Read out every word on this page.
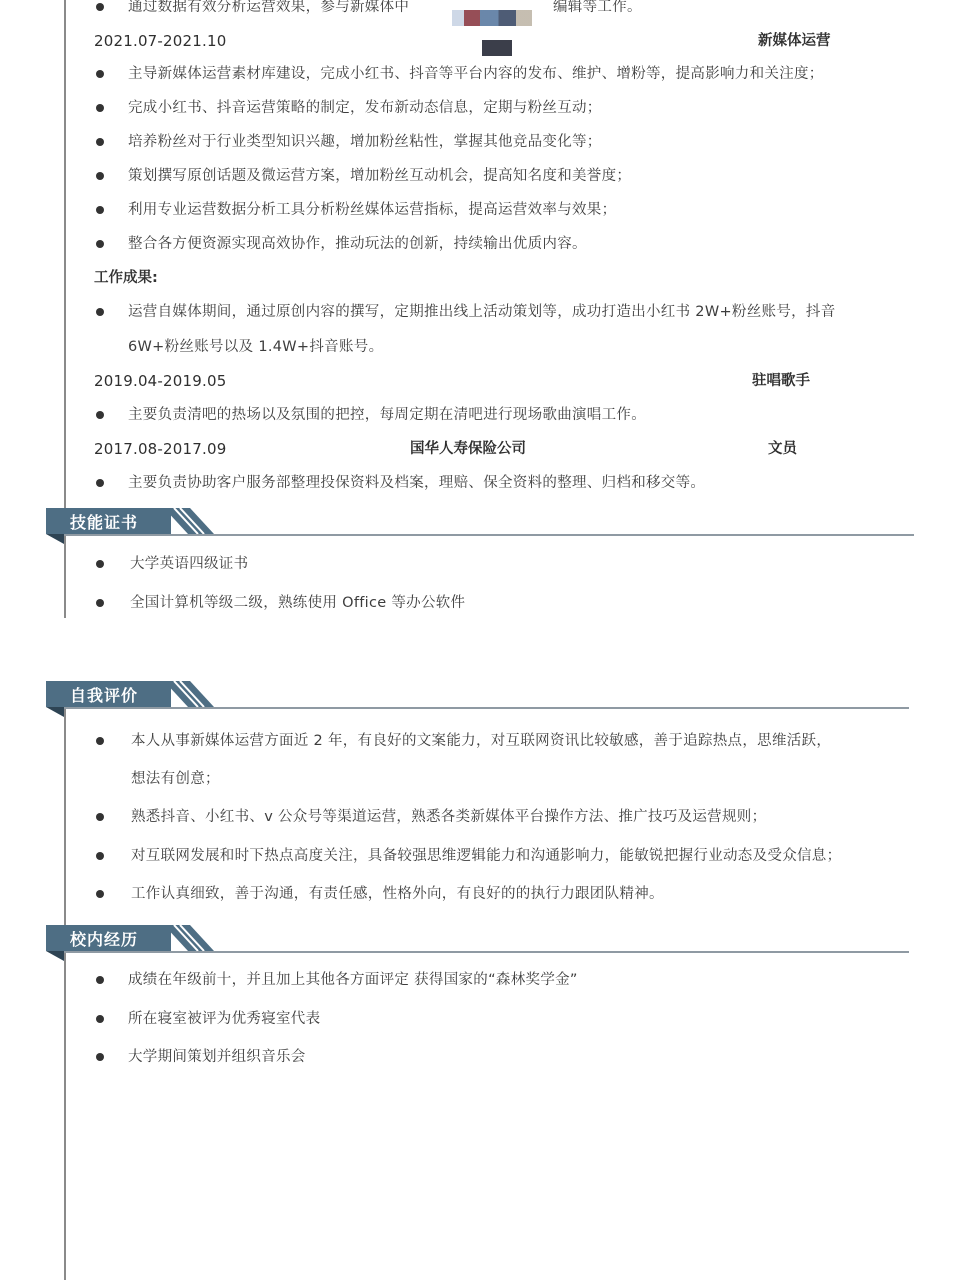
通过数据有效分析运营效果，参与新媒体中	编辑等工作。
2021.07-2021.10	新媒体运营
主导新媒体运营素材库建设，完成小红书、抖音等平台内容的发布、维护、增粉等，提高影响力和关注度；
完成小红书、抖音运营策略的制定，发布新动态信息，定期与粉丝互动；
培养粉丝对于行业类型知识兴趣，增加粉丝粘性，掌握其他竞品变化等；
策划撰写原创话题及微运营方案，增加粉丝互动机会，提高知名度和美誉度；
利用专业运营数据分析工具分析粉丝媒体运营指标，提高运营效率与效果；
整合各方便资源实现高效协作，推动玩法的创新，持续输出优质内容。
工作成果:
运营自媒体期间，通过原创内容的撰写，定期推出线上活动策划等，成功打造出小红书 2W+粉丝账号，抖音
6W+粉丝账号以及 1.4W+抖音账号。
2019.04-2019.05	驻唱歌手
主要负责清吧的热场以及氛围的把控，每周定期在清吧进行现场歌曲演唱工作。
2017.08-2017.09	国华人寿保险公司	文员
主要负责协助客户服务部整理投保资料及档案，理赔、保全资料的整理、归档和移交等。
技能证书
大学英语四级证书
全国计算机等级二级，熟练使用 Office 等办公软件
自我评价
本人从事新媒体运营方面近 2 年，有良好的文案能力，对互联网资讯比较敏感，善于追踪热点，思维活跃，
想法有创意；
熟悉抖音、小红书、v 公众号等渠道运营，熟悉各类新媒体平台操作方法、推广技巧及运营规则；
对互联网发展和时下热点高度关注，具备较强思维逻辑能力和沟通影响力，能敏锐把握行业动态及受众信息；
工作认真细致，善于沟通，有责任感，性格外向，有良好的的执行力跟团队精神。
校内经历
成绩在年级前十，并且加上其他各方面评定 获得国家的“森林奖学金”
所在寝室被评为优秀寝室代表
大学期间策划并组织音乐会
